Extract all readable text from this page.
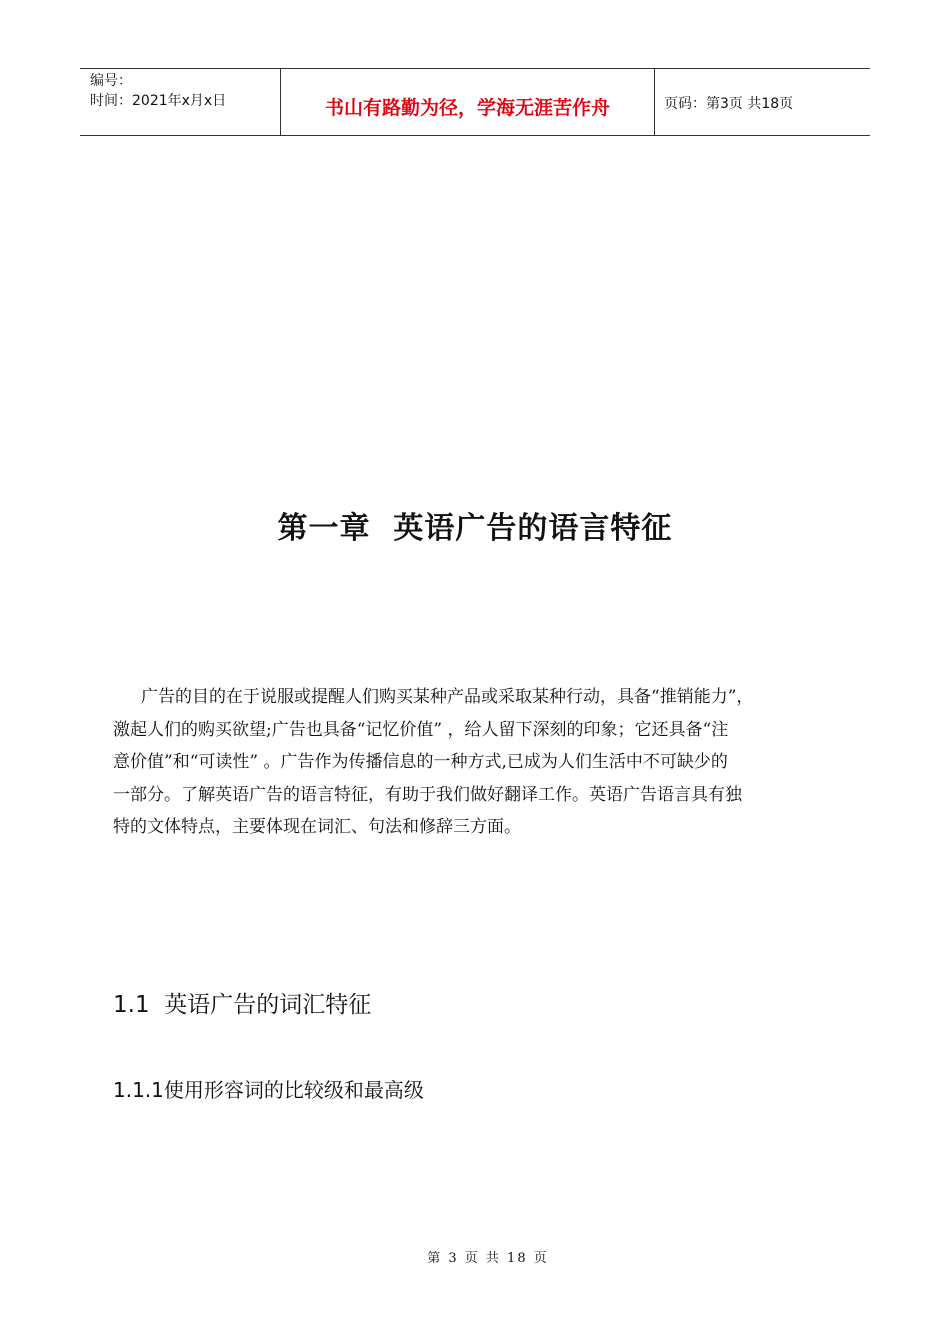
编号：
时间：2021年x月x日	书山有路勤为径，学海无涯苦作舟	页码：第3页 共18页
第一章  英语广告的语言特征
广告的目的在于说服或提醒人们购买某种产品或采取某种行动，具备“推销能力”，
激起人们的购买欲望;广告也具备“记忆价值” ，给人留下深刻的印象；它还具备“注
意价值”和“可读性” 。广告作为传播信息的一种方式,已成为人们生活中不可缺少的
一部分。了解英语广告的语言特征，有助于我们做好翻译工作。英语广告语言具有独
特的文体特点，主要体现在词汇、句法和修辞三方面。
1.1  英语广告的词汇特征
1.1.1使用形容词的比较级和最高级
第 3 页 共 18 页
